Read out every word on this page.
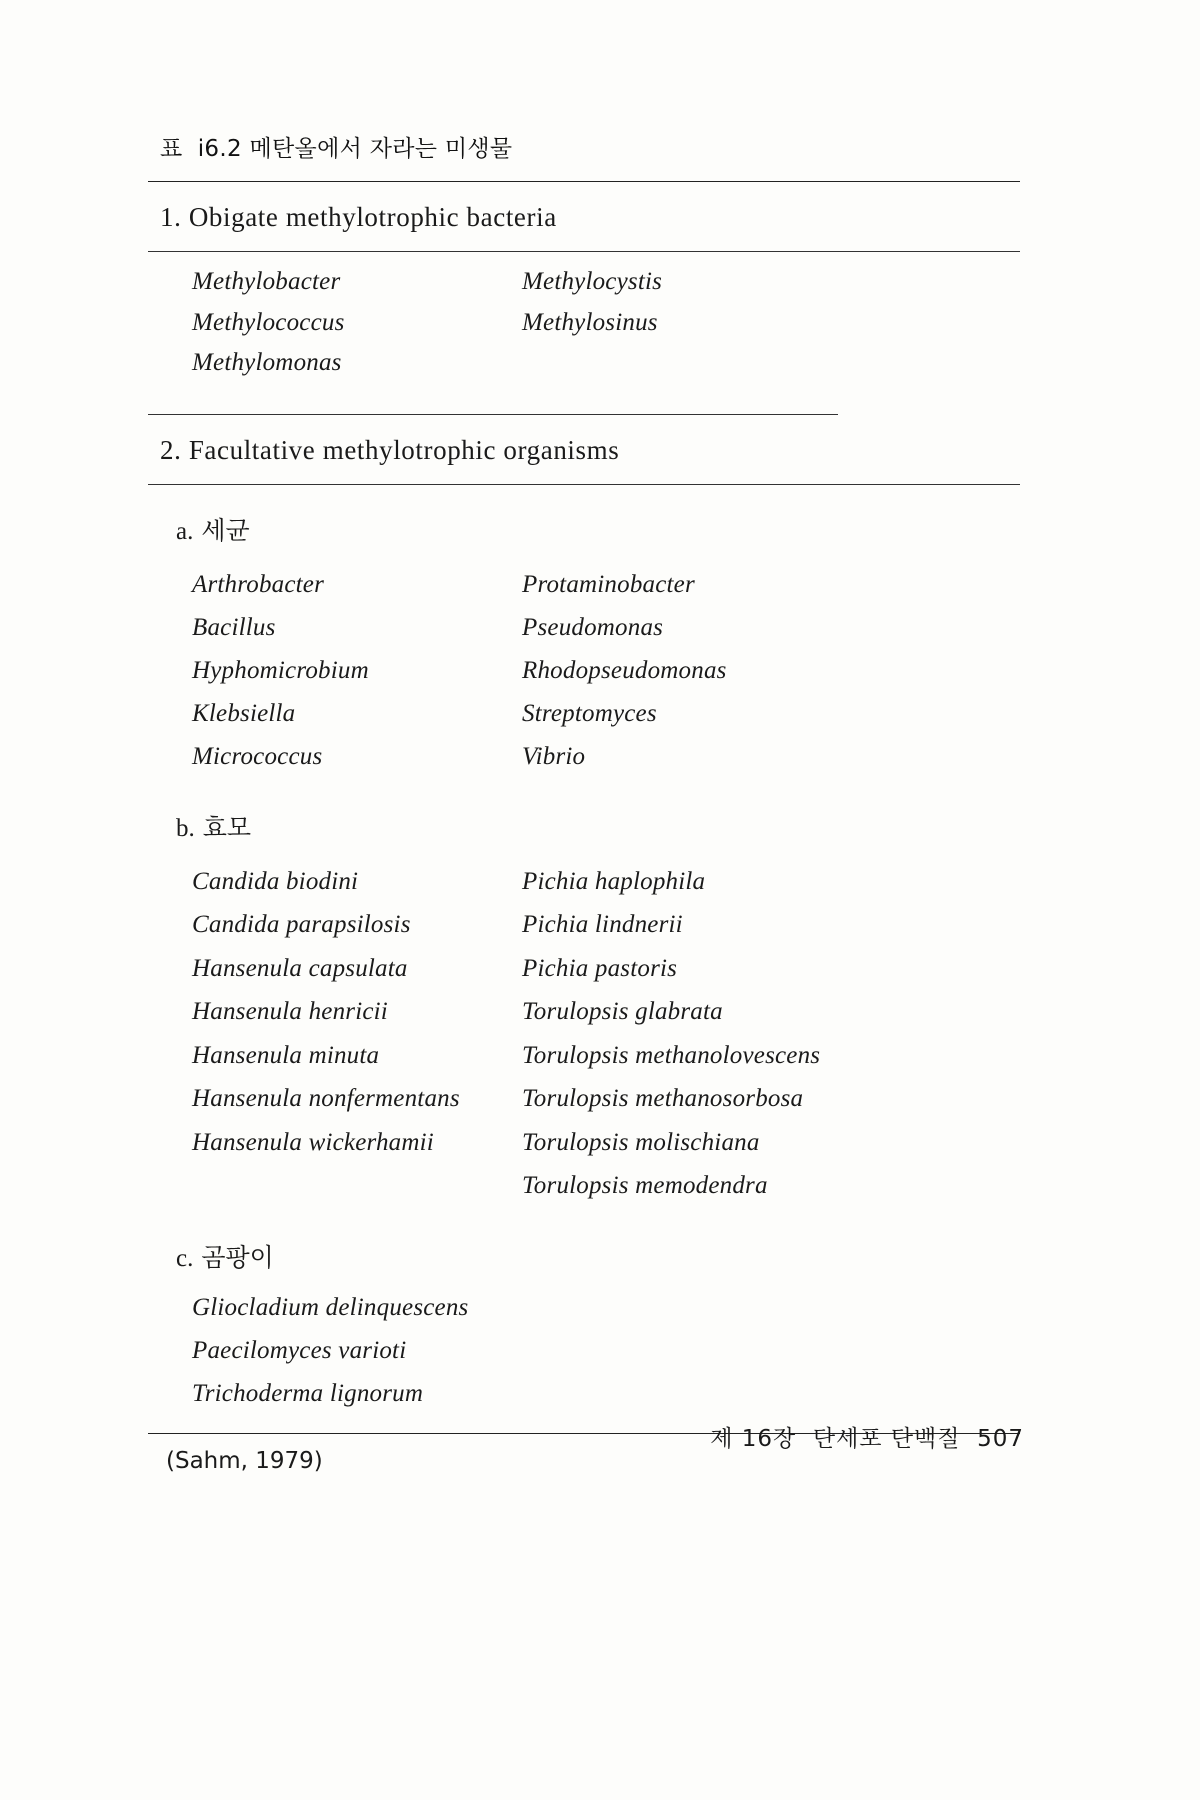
표  i6.2 메탄올에서 자라는 미생물
1. Obigate methylotrophic bacteria
Methylobacter
Methylococcus
Methylomonas
Methylocystis
Methylosinus
2. Facultative methylotrophic organisms
a. 세균
Arthrobacter
Bacillus
Hyphomicrobium
Klebsiella
Micrococcus
Protaminobacter
Pseudomonas
Rhodopseudomonas
Streptomyces
Vibrio
b. 효모
Candida biodini
Candida parapsilosis
Hansenula capsulata
Hansenula henricii
Hansenula minuta
Hansenula nonfermentans
Hansenula wickerhamii
Pichia haplophila
Pichia lindnerii
Pichia pastoris
Torulopsis glabrata
Torulopsis methanolovescens
Torulopsis methanosorbosa
Torulopsis molischiana
Torulopsis memodendra
c. 곰팡이
Gliocladium delinquescens
Paecilomyces varioti
Trichoderma lignorum
(Sahm, 1979)
제 16장  단세포 단백질  507
